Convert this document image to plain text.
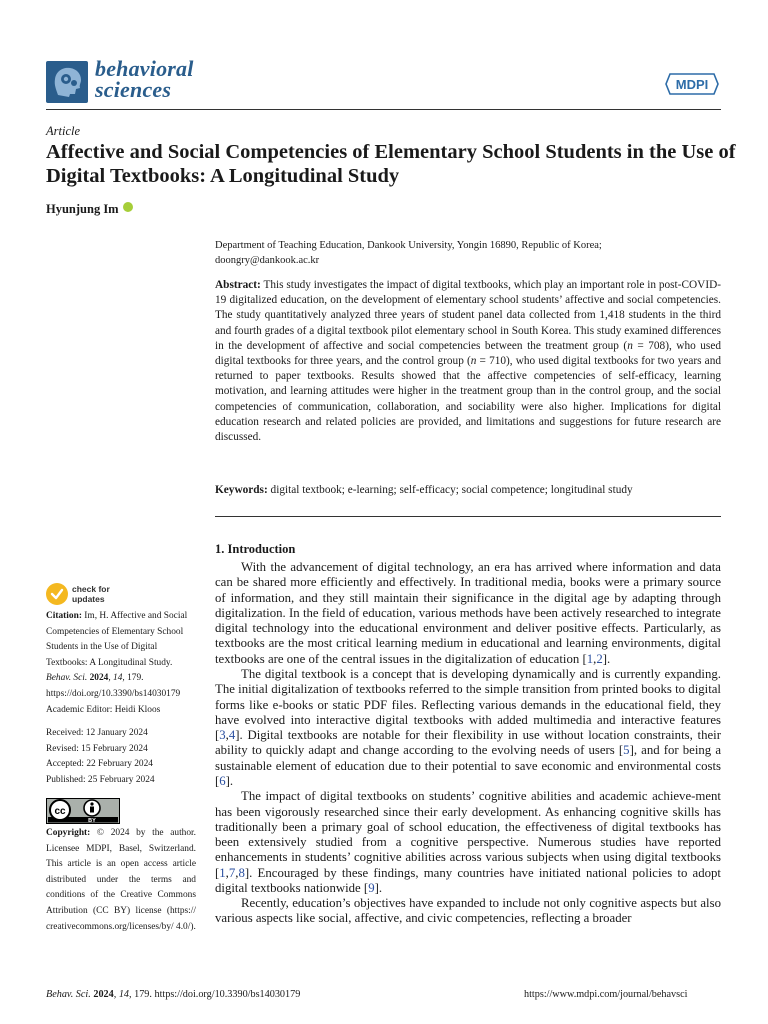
behavioral
sciences	MDPI
Article
Affective and Social Competencies of Elementary School Students in the Use of Digital Textbooks: A Longitudinal Study
Hyunjung Im
Department of Teaching Education, Dankook University, Yongin 16890, Republic of Korea;
doongry@dankook.ac.kr

Abstract: This study investigates the impact of digital textbooks, which play an important role in post-COVID-19 digitalized education, on the development of elementary school students’ affective and social competencies. The study quantitatively analyzed three years of student panel data collected from 1,418 students in the third and fourth grades of a digital textbook pilot elementary school in South Korea. This study examined differences in the development of affective and social competencies between the treatment group (n = 708), who used digital textbooks for three years, and the control group (n = 710), who used digital textbooks for two years and returned to paper textbooks. Results showed that the affective competencies of self-efficacy, learning motivation, and learning attitudes were higher in the treatment group than in the control group, and the social competencies of communication, collaboration, and sociability were also higher. Implications for digital education research and related policies are provided, and limitations and suggestions for future research are discussed.

Keywords: digital textbook; e-learning; self-efficacy; social competence; longitudinal study
1. Introduction

With the advancement of digital technology, an era has arrived where information and data can be shared more efficiently and effectively. In traditional media, books were a primary source of information, and they still maintain their significance in the digital age by adapting through digitalization. In the field of education, various methods have been actively researched to integrate digital technology into the educational environment and deliver positive effects. Particularly, as textbooks are the most critical learning medium in educational and learning environments, digital textbooks are one of the central issues in the digitalization of education [1,2].

The digital textbook is a concept that is developing dynamically and is currently expanding. The initial digitalization of textbooks referred to the simple transition from printed books to digital forms like e-books or static PDF files. Reflecting various demands in the educational field, they have evolved into interactive digital textbooks with added multimedia and interactive features [3,4]. Digital textbooks are notable for their flexibility in use without location constraints, their ability to quickly adapt and change according to the evolving needs of users [5], and for being a sustainable element of education due to their potential to save economic and environmental costs [6].

The impact of digital textbooks on students’ cognitive abilities and academic achieve-ment has been vigorously researched since their early development. As enhancing cognitive skills has traditionally been a primary goal of school education, the effectiveness of digital textbooks has been extensively studied from a cognitive perspective. Numerous studies have reported enhancements in students’ cognitive abilities across various subjects when using digital textbooks [1,7,8]. Encouraged by these findings, many countries have initiated national policies to adopt digital textbooks nationwide [9].

Recently, education’s objectives have expanded to include not only cognitive aspects but also various aspects like social, affective, and civic competencies, reflecting a broader

check for
updates
Citation: Im, H. Affective and Social Competencies of Elementary School Students in the Use of Digital Textbooks: A Longitudinal Study. Behav. Sci. 2024, 14, 179. https://doi.org/10.3390/bs14030179
Academic Editor: Heidi Kloos
Received: 12 January 2024
Revised: 15 February 2024
Accepted: 22 February 2024
Published: 25 February 2024
cc
BY
Copyright: © 2024 by the author. Licensee MDPI, Basel, Switzerland. This article is an open access article distributed under the terms and conditions of the Creative Commons Attribution (CC BY) license (https:// creativecommons.org/licenses/by/ 4.0/).
Behav. Sci. 2024, 14, 179. https://doi.org/10.3390/bs14030179	https://www.mdpi.com/journal/behavsci
